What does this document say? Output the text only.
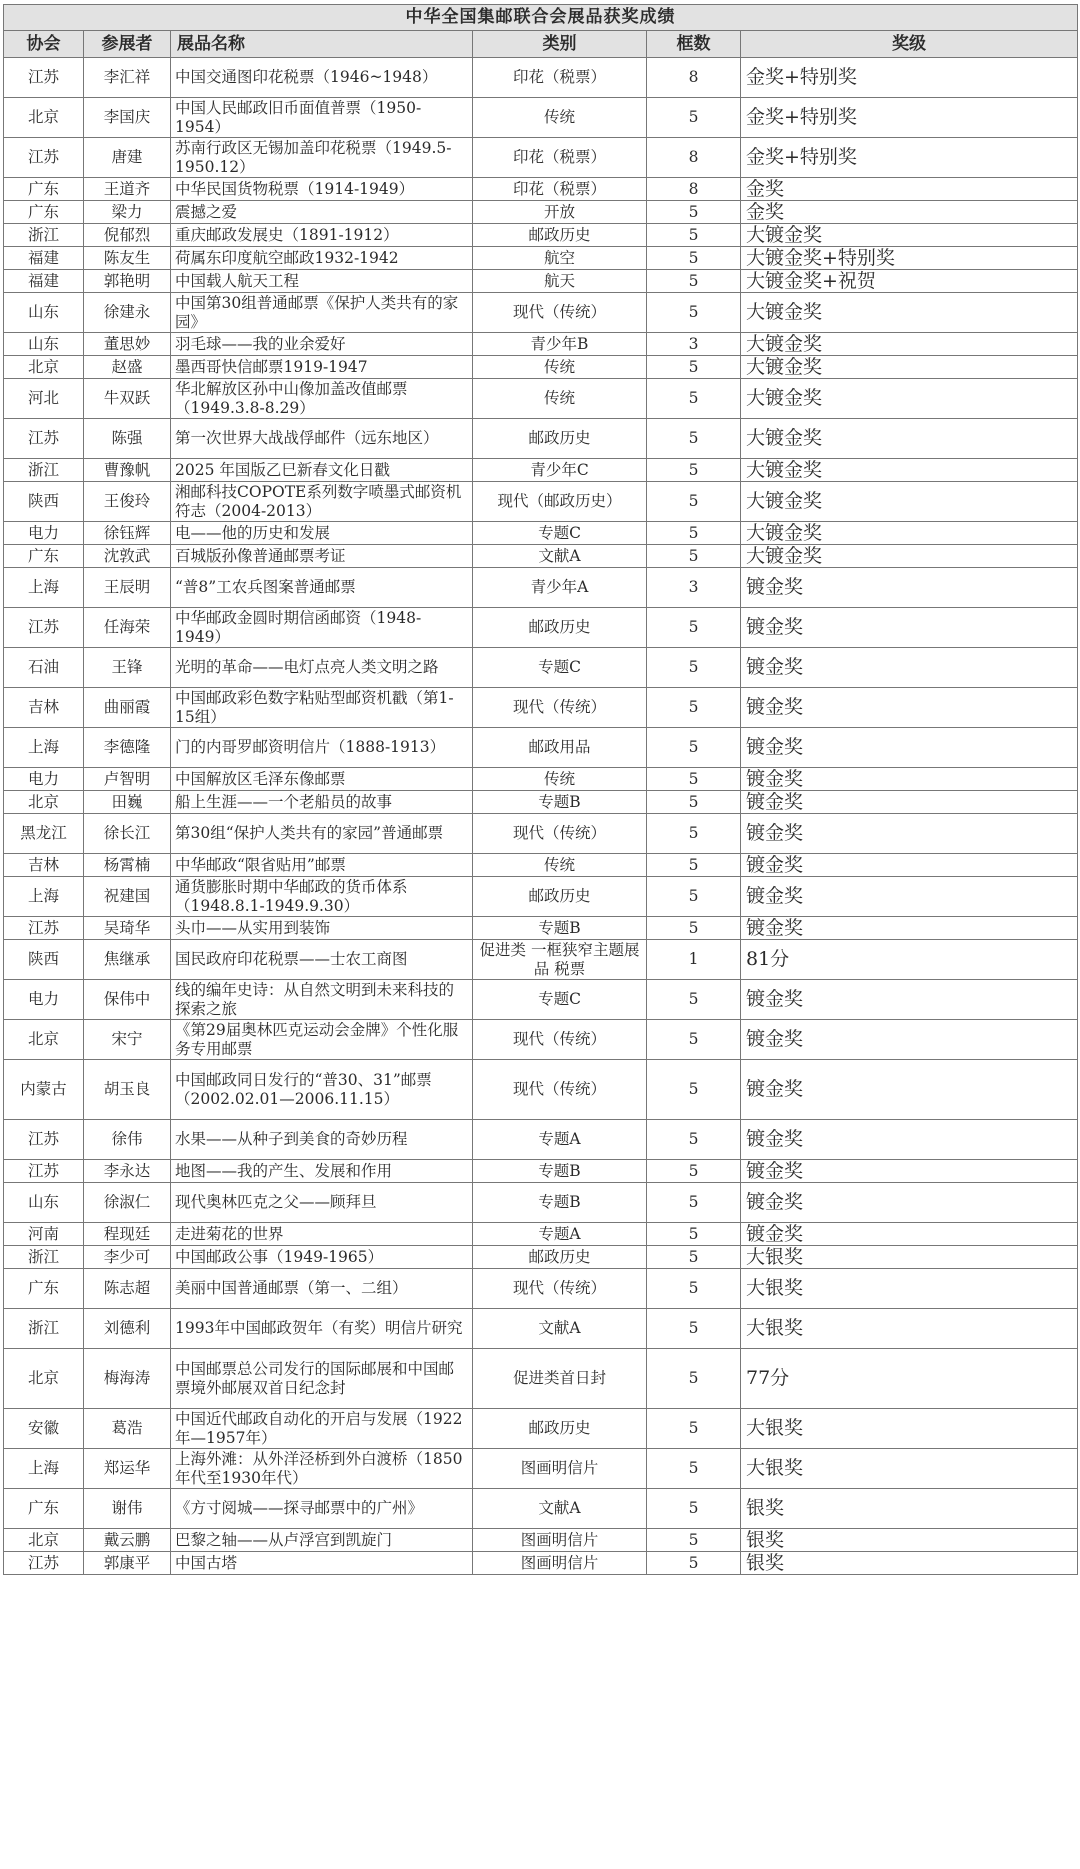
中华全国集邮联合会展品获奖成绩					
协会	参展者	展品名称	类别	框数	奖级
江苏	李汇祥	中国交通图印花税票（1946~1948）	印花（税票）	8	金奖+特别奖
北京	李国庆	中国人民邮政旧币面值普票（1950-1954）	传统	5	金奖+特别奖
江苏	唐建	苏南行政区无锡加盖印花税票（1949.5-1950.12）	印花（税票）	8	金奖+特别奖
广东	王道齐	中华民国货物税票（1914-1949）	印花（税票）	8	金奖
广东	梁力	震撼之爱	开放	5	金奖
浙江	倪郁烈	重庆邮政发展史（1891-1912）	邮政历史	5	大镀金奖
福建	陈友生	荷属东印度航空邮政1932-1942	航空	5	大镀金奖+特别奖
福建	郭艳明	中国载人航天工程	航天	5	大镀金奖+祝贺
山东	徐建永	中国第30组普通邮票《保护人类共有的家园》	现代（传统）	5	大镀金奖
山东	董思妙	羽毛球——我的业余爱好	青少年B	3	大镀金奖
北京	赵盛	墨西哥快信邮票1919-1947	传统	5	大镀金奖
河北	牛双跃	华北解放区孙中山像加盖改值邮票（1949.3.8-8.29）	传统	5	大镀金奖
江苏	陈强	第一次世界大战战俘邮件（远东地区）	邮政历史	5	大镀金奖
浙江	曹豫帆	2025 年国版乙巳新春文化日戳	青少年C	5	大镀金奖
陕西	王俊玲	湘邮科技COPOTE系列数字喷墨式邮资机符志（2004-2013）	现代（邮政历史）	5	大镀金奖
电力	徐钰辉	电——他的历史和发展	专题C	5	大镀金奖
广东	沈敦武	百城版孙像普通邮票考证	文献A	5	大镀金奖
上海	王辰明	“普8”工农兵图案普通邮票	青少年A	3	镀金奖
江苏	任海荣	中华邮政金圆时期信函邮资（1948-1949）	邮政历史	5	镀金奖
石油	王锋	光明的革命——电灯点亮人类文明之路	专题C	5	镀金奖
吉林	曲丽霞	中国邮政彩色数字粘贴型邮资机戳（第1-15组）	现代（传统）	5	镀金奖
上海	李德隆	门的内哥罗邮资明信片（1888-1913）	邮政用品	5	镀金奖
电力	卢智明	中国解放区毛泽东像邮票	传统	5	镀金奖
北京	田巍	船上生涯——一个老船员的故事	专题B	5	镀金奖
黑龙江	徐长江	第30组“保护人类共有的家园”普通邮票	现代（传统）	5	镀金奖
吉林	杨霄楠	中华邮政“限省贴用”邮票	传统	5	镀金奖
上海	祝建国	通货膨胀时期中华邮政的货币体系（1948.8.1-1949.9.30）	邮政历史	5	镀金奖
江苏	吴琦华	头巾——从实用到装饰	专题B	5	镀金奖
陕西	焦继承	国民政府印花税票——士农工商图	促进类 一框狭窄主题展品 税票	1	81分
电力	保伟中	线的编年史诗：从自然文明到未来科技的探索之旅	专题C	5	镀金奖
北京	宋宁	《第29届奥林匹克运动会金牌》个性化服务专用邮票	现代（传统）	5	镀金奖
内蒙古	胡玉良	中国邮政同日发行的“普30、31”邮票（2002.02.01—2006.11.15）	现代（传统）	5	镀金奖
江苏	徐伟	水果——从种子到美食的奇妙历程	专题A	5	镀金奖
江苏	李永达	地图——我的产生、发展和作用	专题B	5	镀金奖
山东	徐淑仁	现代奥林匹克之父——顾拜旦	专题B	5	镀金奖
河南	程现廷	走进菊花的世界	专题A	5	镀金奖
浙江	李少可	中国邮政公事（1949-1965）	邮政历史	5	大银奖
广东	陈志超	美丽中国普通邮票（第一、二组）	现代（传统）	5	大银奖
浙江	刘德利	1993年中国邮政贺年（有奖）明信片研究	文献A	5	大银奖
北京	梅海涛	中国邮票总公司发行的国际邮展和中国邮票境外邮展双首日纪念封	促进类首日封	5	77分
安徽	葛浩	中国近代邮政自动化的开启与发展（1922年—1957年）	邮政历史	5	大银奖
上海	郑运华	上海外滩：从外洋泾桥到外白渡桥（1850年代至1930年代）	图画明信片	5	大银奖
广东	谢伟	《方寸阅城——探寻邮票中的广州》	文献A	5	银奖
北京	戴云鹏	巴黎之轴——从卢浮宫到凯旋门	图画明信片	5	银奖
江苏	郭康平	中国古塔	图画明信片	5	银奖
